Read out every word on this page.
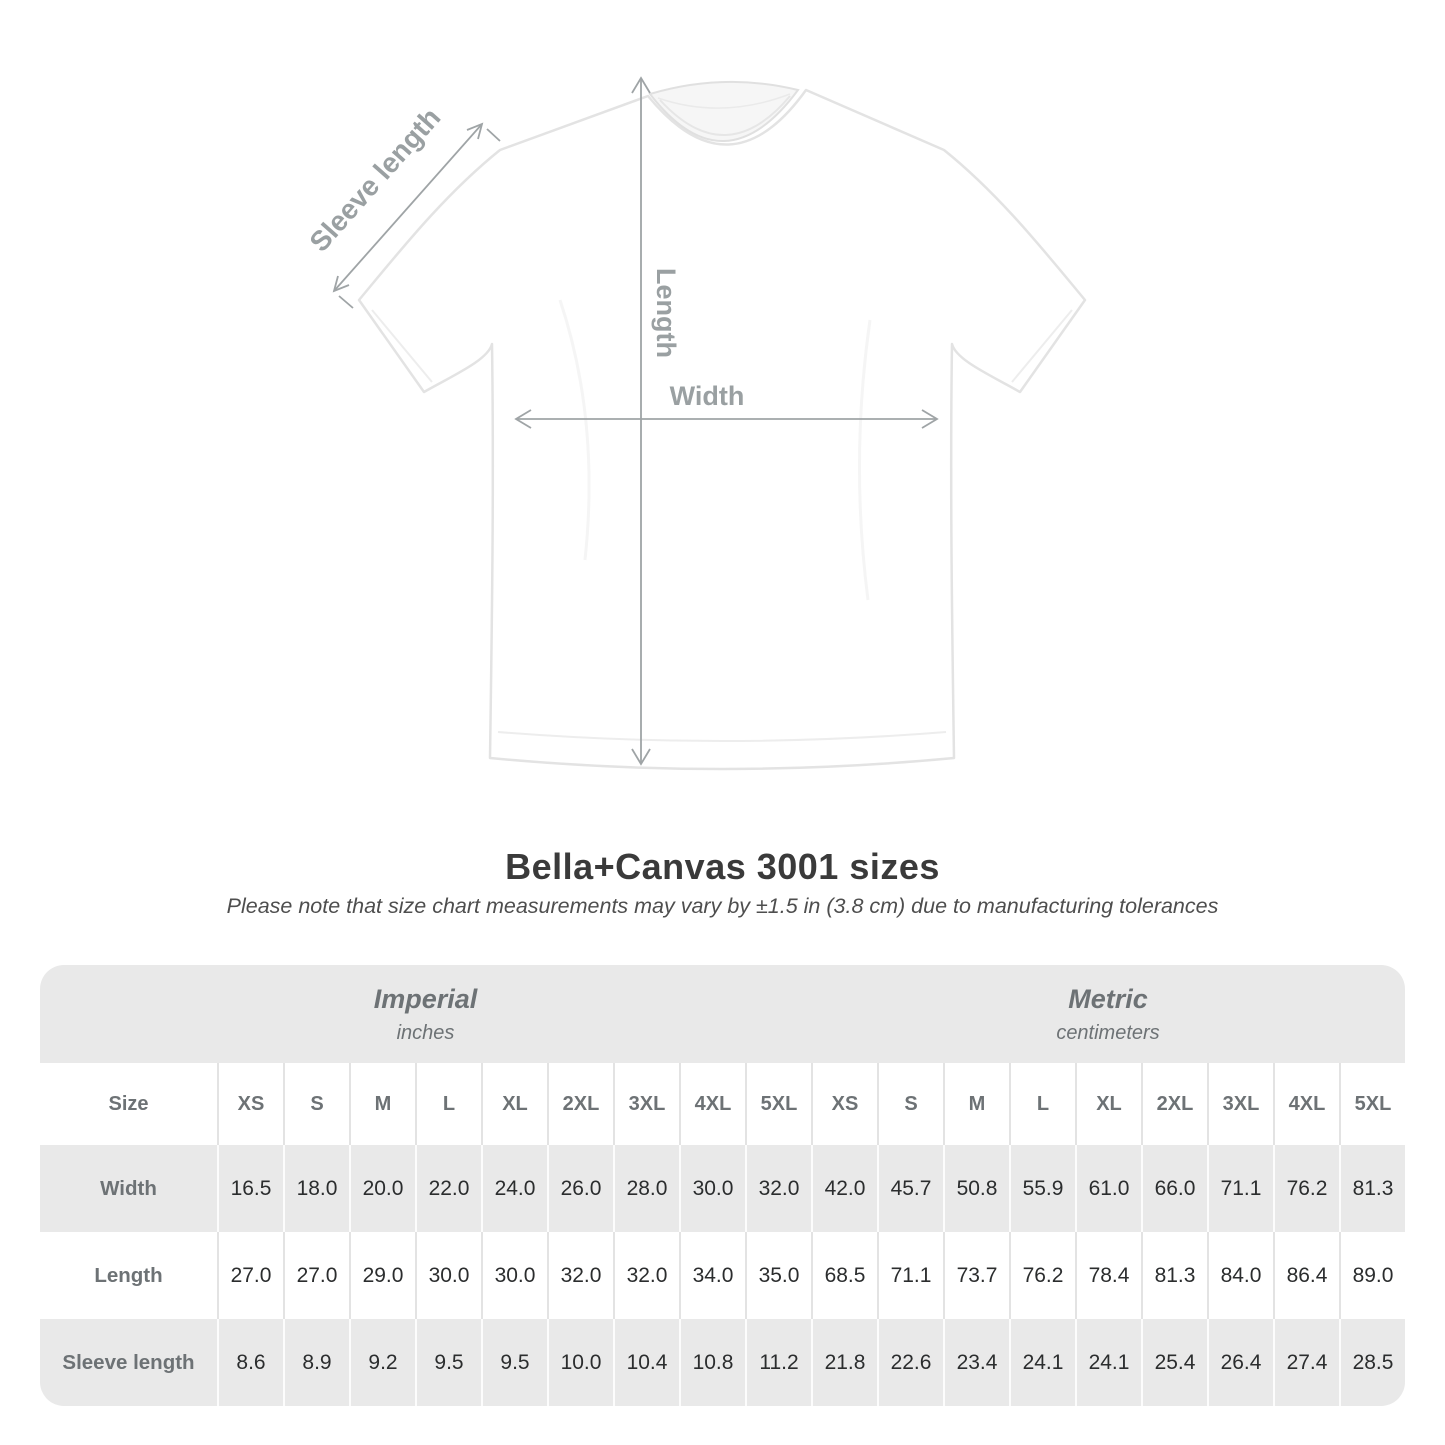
Length
Width
Sleeve length
Bella+Canvas 3001 sizes
Please note that size chart measurements may vary by ±1.5 in (3.8 cm) due to manufacturing tolerances
Imperial
inches
Metric
centimeters
Size	XS	S	M	L	XL	2XL	3XL	4XL	5XL	XS	S	M	L	XL	2XL	3XL	4XL	5XL
Width	16.5	18.0	20.0	22.0	24.0	26.0	28.0	30.0	32.0	42.0	45.7	50.8	55.9	61.0	66.0	71.1	76.2	81.3
Length	27.0	27.0	29.0	30.0	30.0	32.0	32.0	34.0	35.0	68.5	71.1	73.7	76.2	78.4	81.3	84.0	86.4	89.0
Sleeve length	8.6	8.9	9.2	9.5	9.5	10.0	10.4	10.8	11.2	21.8	22.6	23.4	24.1	24.1	25.4	26.4	27.4	28.5
